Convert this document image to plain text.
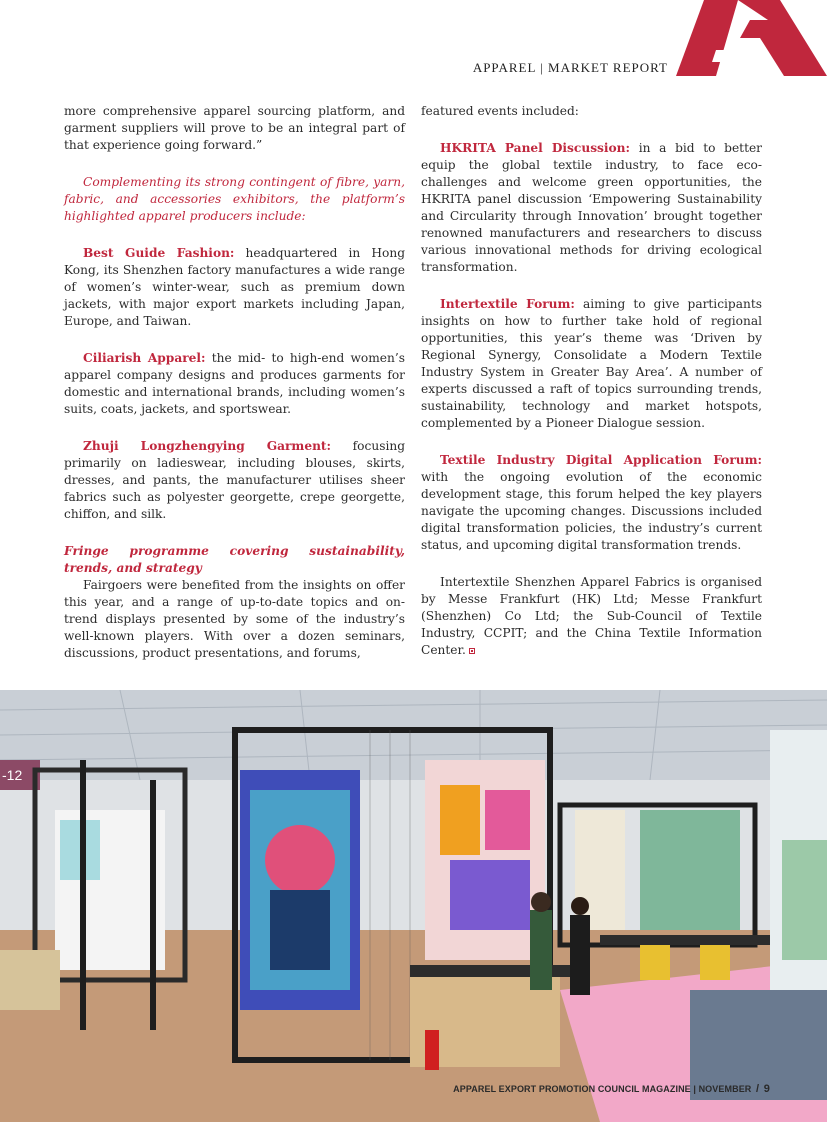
APPAREL | MARKET REPORT

more comprehensive apparel sourcing platform, and garment suppliers will prove to be an integral part of that experience going forward.”

Complementing its strong contingent of fibre, yarn, fabric, and accessories exhibitors, the platform’s highlighted apparel producers include:

Best Guide Fashion: headquartered in Hong Kong, its Shenzhen factory manufactures a wide range of women’s winter-wear, such as premium down jackets, with major export markets including Japan, Europe, and Taiwan.

Ciliarish Apparel: the mid- to high-end women’s apparel company designs and produces garments for domestic and international brands, including women’s suits, coats, jackets, and sportswear.

Zhuji Longzhengying Garment: focusing primarily on ladieswear, including blouses, skirts, dresses, and pants, the manufacturer utilises sheer fabrics such as polyester georgette, crepe georgette, chiffon, and silk.

Fringe programme covering sustainability, trends, and strategy

Fairgoers were benefited from the insights on offer this year, and a range of up-to-date topics and on-trend displays presented by some of the industry’s well-known players. With over a dozen seminars, discussions, product presentations, and forums,

featured events included:

HKRITA Panel Discussion: in a bid to better equip the global textile industry, to face eco-challenges and welcome green opportunities, the HKRITA panel discussion ‘Empowering Sustainability and Circularity through Innovation’ brought together renowned manufacturers and researchers to discuss various innovational methods for driving ecological transformation.

Intertextile Forum: aiming to give participants insights on how to further take hold of regional opportunities, this year’s theme was ‘Driven by Regional Synergy, Consolidate a Modern Textile Industry System in Greater Bay Area’. A number of experts discussed a raft of topics surrounding trends, sustainability, technology and market hotspots, complemented by a Pioneer Dialogue session.

Textile Industry Digital Application Forum: with the ongoing evolution of the economic development stage, this forum helped the key players navigate the upcoming changes. Discussions included digital transformation policies, the industry’s current status, and upcoming digital transformation trends.

Intertextile Shenzhen Apparel Fabrics is organised by Messe Frankfurt (HK) Ltd; Messe Frankfurt (Shenzhen) Co Ltd; the Sub-Council of Textile Industry, CCPIT; and the China Textile Information Center.

-12
APPAREL EXPORT PROMOTION COUNCIL MAGAZINE | NOVEMBER / 9
